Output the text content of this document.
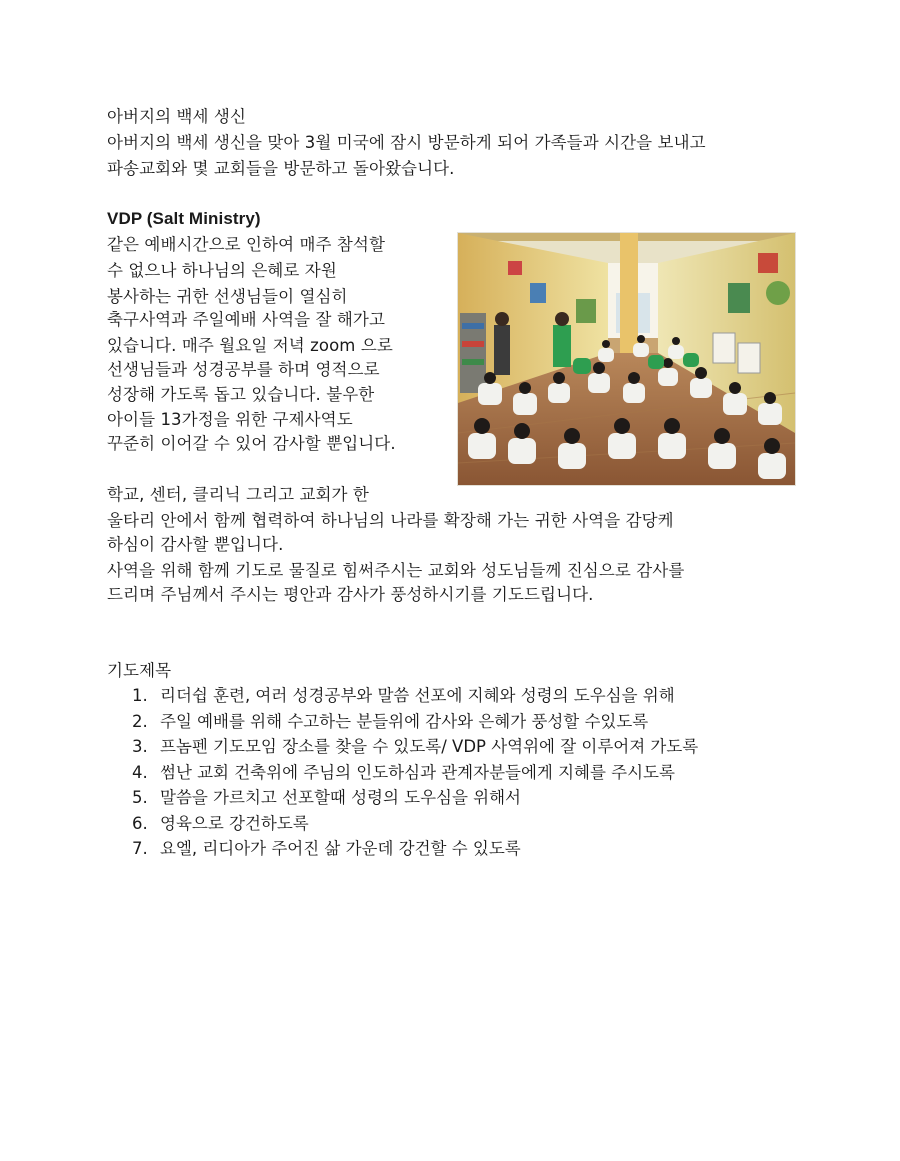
아버지의 백세 생신
아버지의 백세 생신을 맞아 3월 미국에 잠시 방문하게 되어 가족들과 시간을 보내고
파송교회와 몇 교회들을 방문하고 돌아왔습니다.
VDP (Salt Ministry)
같은 예배시간으로 인하여 매주 참석할
수 없으나 하나님의 은혜로 자원
봉사하는 귀한 선생님들이 열심히
축구사역과 주일예배 사역을 잘 해가고
있습니다. 매주 월요일 저녁 zoom 으로
선생님들과 성경공부를 하며 영적으로
성장해 가도록 돕고 있습니다. 불우한
아이들 13가정을 위한 구제사역도
꾸준히 이어갈 수 있어 감사할 뿐입니다.
학교, 센터, 클리닉 그리고 교회가 한
울타리 안에서 함께 협력하여 하나님의 나라를 확장해 가는 귀한 사역을 감당케
하심이 감사할 뿐입니다.
사역을 위해 함께 기도로 물질로 힘써주시는 교회와 성도님들께 진심으로 감사를
드리며 주님께서 주시는 평안과 감사가 풍성하시기를 기도드립니다.
기도제목
1. 리더쉽 훈련, 여러 성경공부와 말씀 선포에 지혜와 성령의 도우심을 위해
2. 주일 예배를 위해 수고하는 분들위에 감사와 은혜가 풍성할 수있도록
3. 프놈펜 기도모임 장소를 찾을 수 있도록/ VDP 사역위에 잘 이루어져 가도록
4. 썸난 교회 건축위에 주님의 인도하심과 관계자분들에게 지혜를 주시도록
5. 말씀을 가르치고 선포할때 성령의 도우심을 위해서
6. 영육으로 강건하도록
7. 요엘, 리디아가 주어진 삶 가운데 강건할 수 있도록
